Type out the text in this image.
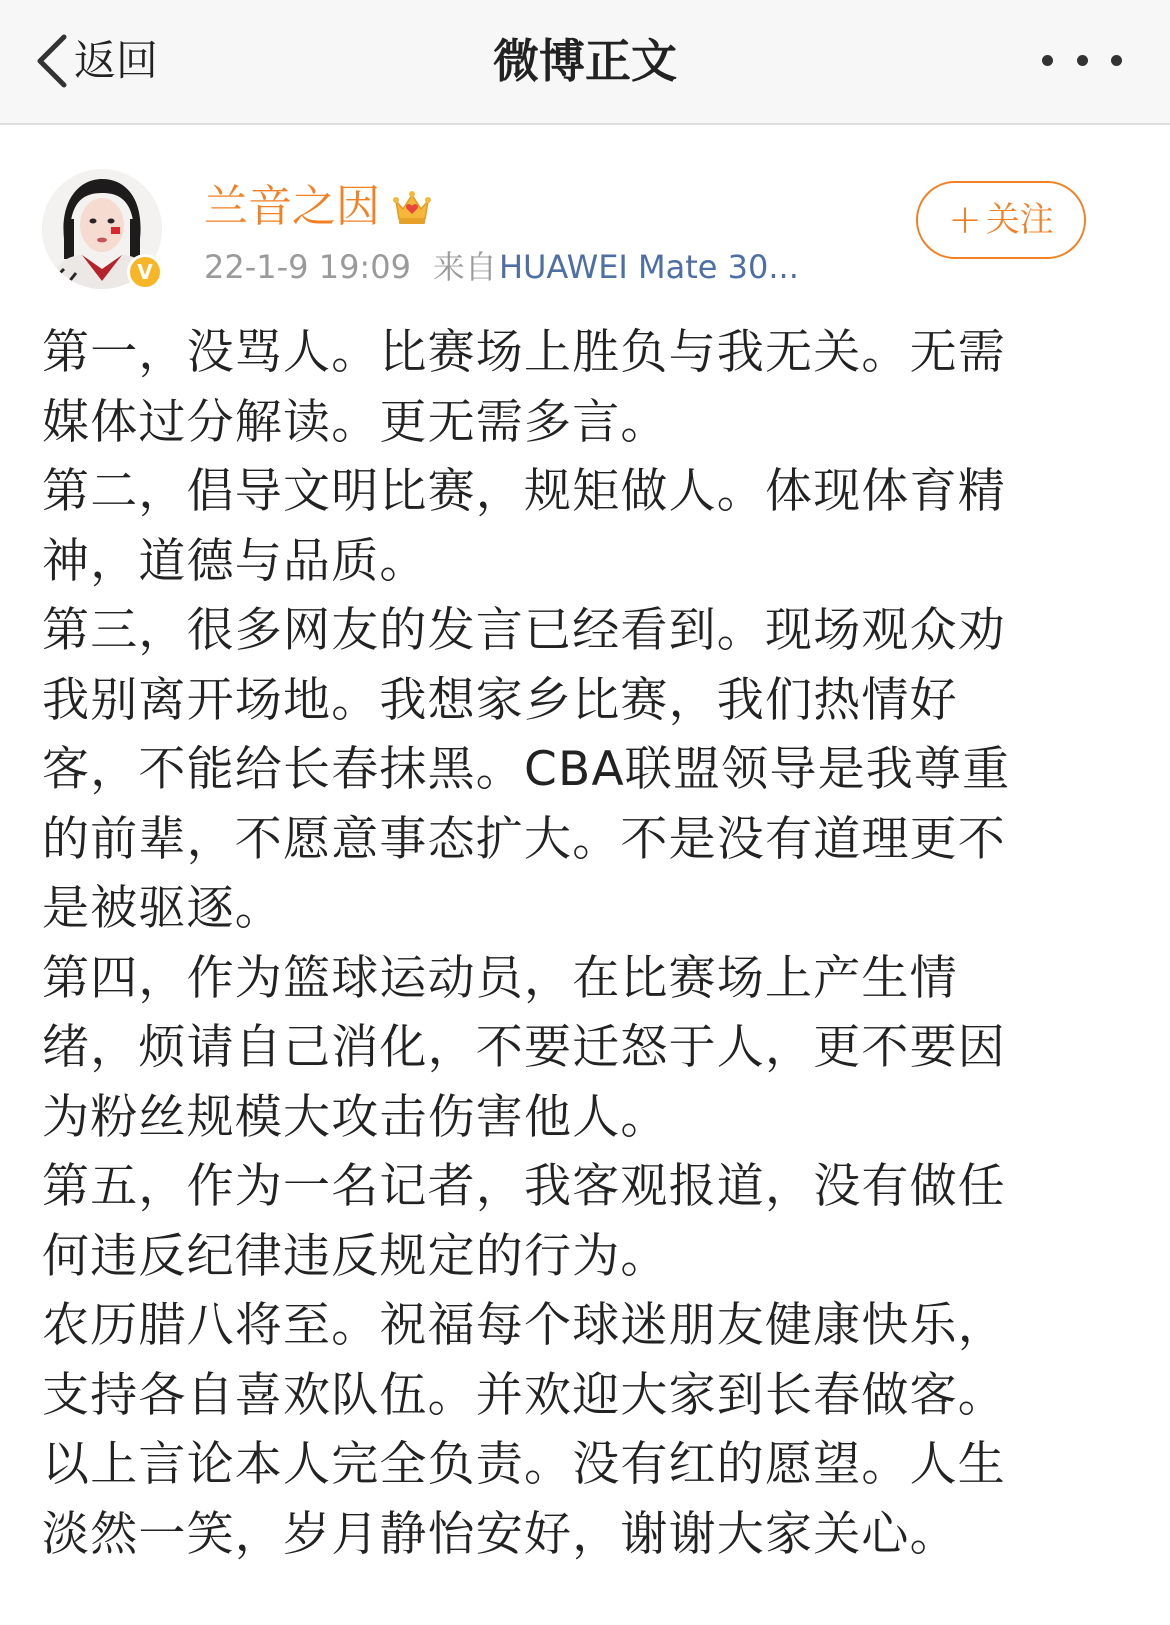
返回	微博正文
V
兰音之因
22-1-9 19:09 来自 HUAWEI Mate 30...
+ 关注

第一，没骂人。比赛场上胜负与我无关。无需媒体过分解读。更无需多言。

第二，倡导文明比赛，规矩做人。体现体育精神，道德与品质。

第三，很多网友的发言已经看到。现场观众劝我别离开场地。我想家乡比赛，我们热情好客，不能给长春抹黑。CBA联盟领导是我尊重的前辈，不愿意事态扩大。不是没有道理更不是被驱逐。

第四，作为篮球运动员，在比赛场上产生情绪，烦请自己消化，不要迁怒于人，更不要因为粉丝规模大攻击伤害他人。

第五，作为一名记者，我客观报道，没有做任何违反纪律违反规定的行为。

农历腊八将至。祝福每个球迷朋友健康快乐，支持各自喜欢队伍。并欢迎大家到长春做客。以上言论本人完全负责。没有红的愿望。人生淡然一笑，岁月静怡安好，谢谢大家关心。
